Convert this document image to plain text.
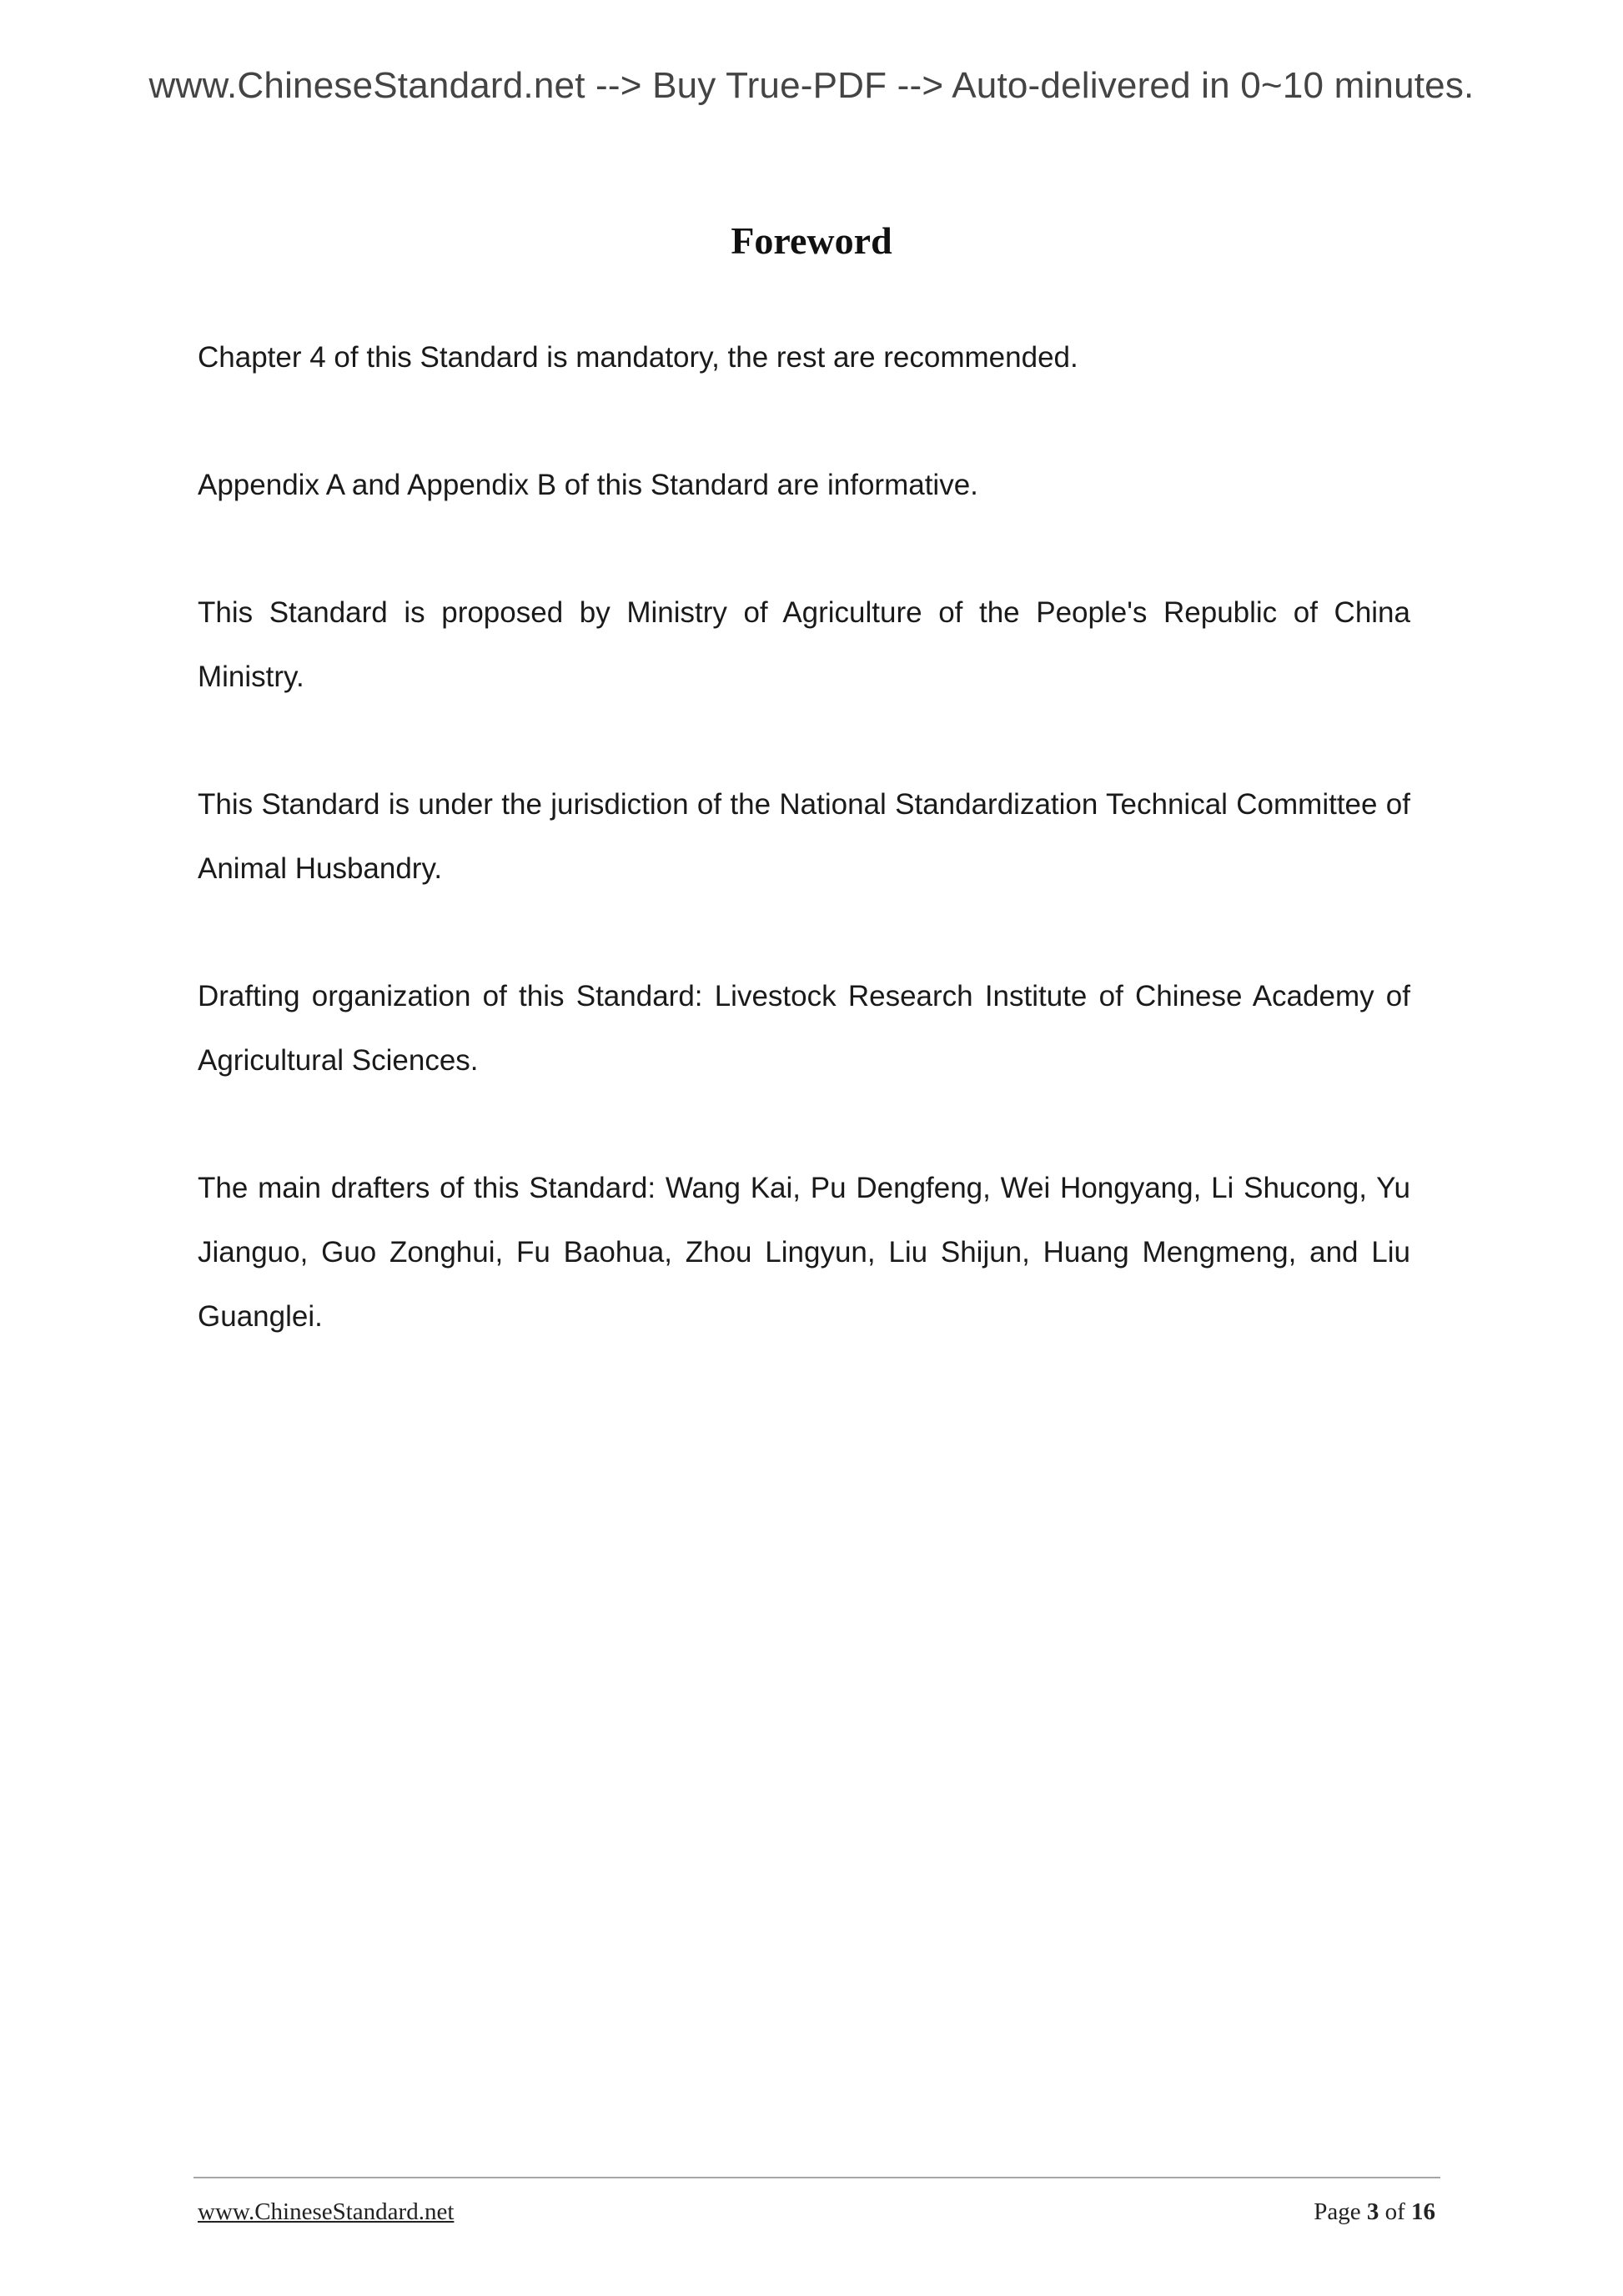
www.ChineseStandard.net --> Buy True-PDF --> Auto-delivered in 0~10 minutes.
Foreword

Chapter 4 of this Standard is mandatory, the rest are recommended.

Appendix A and Appendix B of this Standard are informative.

This Standard is proposed by Ministry of Agriculture of the People's Republic of China Ministry.

This Standard is under the jurisdiction of the National Standardization Technical Committee of Animal Husbandry.

Drafting organization of this Standard: Livestock Research Institute of Chinese Academy of Agricultural Sciences.

The main drafters of this Standard: Wang Kai, Pu Dengfeng, Wei Hongyang, Li Shucong, Yu Jianguo, Guo Zonghui, Fu Baohua, Zhou Lingyun, Liu Shijun, Huang Mengmeng, and Liu Guanglei.

www.ChineseStandard.net	Page 3 of 16
